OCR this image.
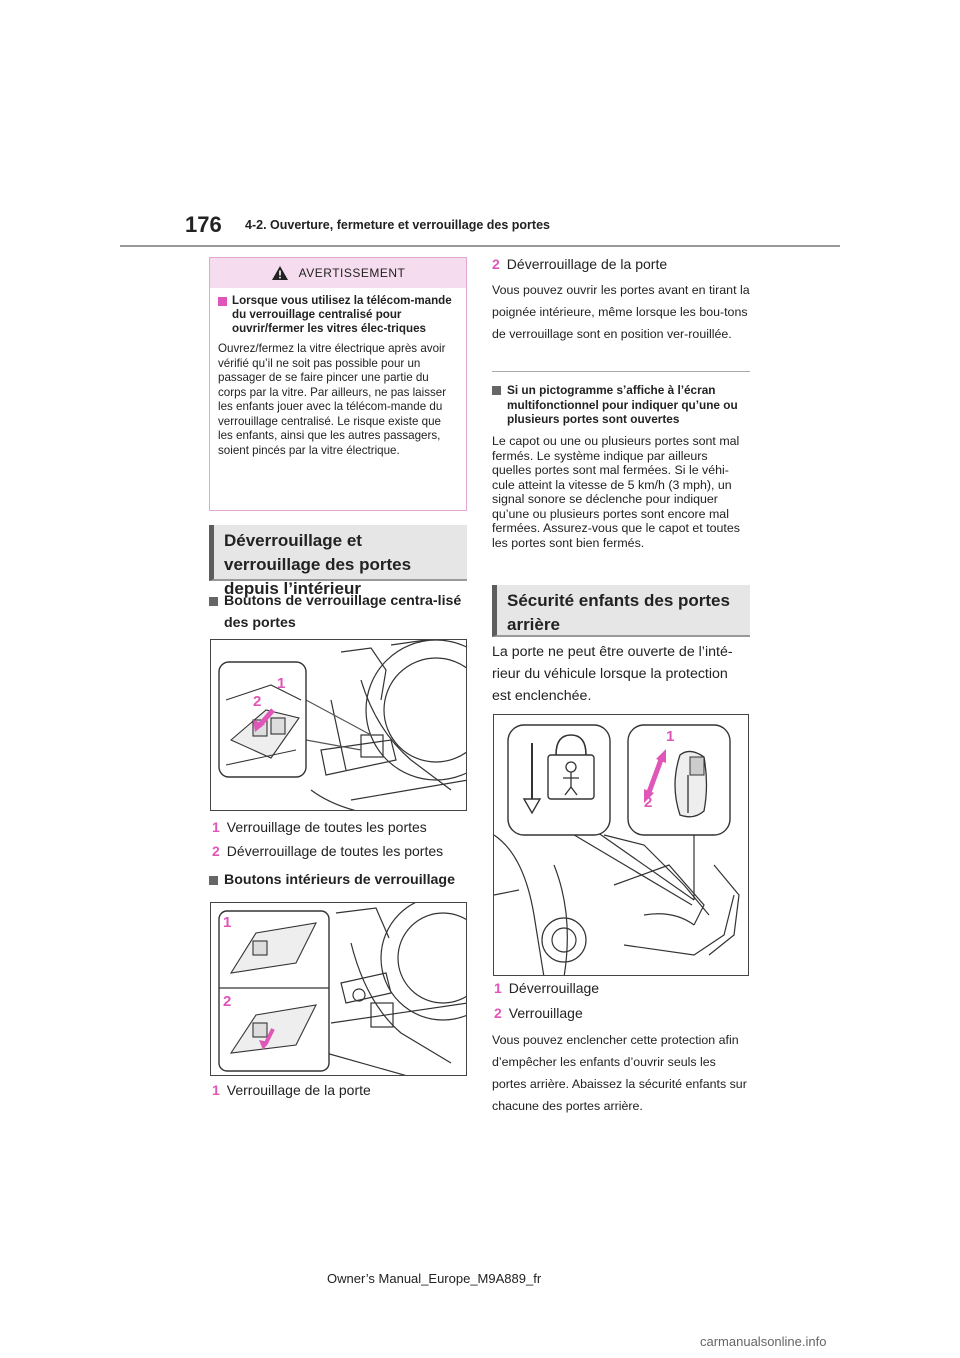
176 4-2. Ouverture, fermeture et verrouillage des portes
AVERTISSEMENT
Lorsque vous utilisez la télécom-mande du verrouillage centralisé pour ouvrir/fermer les vitres élec-triques
Ouvrez/fermez la vitre électrique après avoir vérifié qu’il ne soit pas possible pour un passager de se faire pincer une partie du corps par la vitre. Par ailleurs, ne pas laisser les enfants jouer avec la télécom-mande du verrouillage centralisé. Le risque existe que les enfants, ainsi que les autres passagers, soient pincés par la vitre électrique.
Déverrouillage et verrouillage des portes depuis l’intérieur
Boutons de verrouillage centra-lisé des portes
1
2
1 Verrouillage de toutes les portes
2 Déverrouillage de toutes les portes
Boutons intérieurs de verrouillage
1
2
1 Verrouillage de la porte
2 Déverrouillage de la porte
Vous pouvez ouvrir les portes avant en tirant la poignée intérieure, même lorsque les bou-tons de verrouillage sont en position ver-rouillée.
Si un pictogramme s’affiche à l’écran multifonctionnel pour indiquer qu’une ou plusieurs portes sont ouvertes
Le capot ou une ou plusieurs portes sont mal fermés. Le système indique par ailleurs quelles portes sont mal fermées. Si le véhi-cule atteint la vitesse de 5 km/h (3 mph), un signal sonore se déclenche pour indiquer qu’une ou plusieurs portes sont encore mal fermées. Assurez-vous que le capot et toutes les portes sont bien fermés.
Sécurité enfants des portes arrière
La porte ne peut être ouverte de l’inté-rieur du véhicule lorsque la protection est enclenchée.
1
2
1 Déverrouillage
2 Verrouillage
Vous pouvez enclencher cette protection afin d’empêcher les enfants d’ouvrir seuls les portes arrière. Abaissez la sécurité enfants sur chacune des portes arrière.
Owner’s Manual_Europe_M9A889_fr
carmanualsonline.info
